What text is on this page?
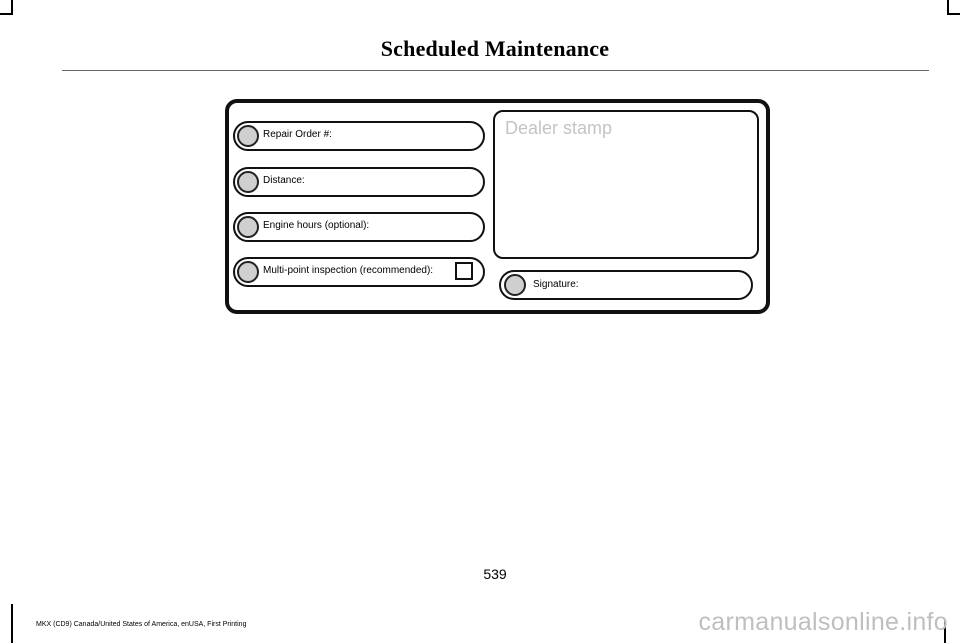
Scheduled Maintenance
Repair Order #:
Distance:
Engine hours (optional):
Multi-point inspection (recommended):
Dealer stamp
Signature:
539
MKX (CD9) Canada/United States of America, enUSA, First Printing	carmanualsonline.info
